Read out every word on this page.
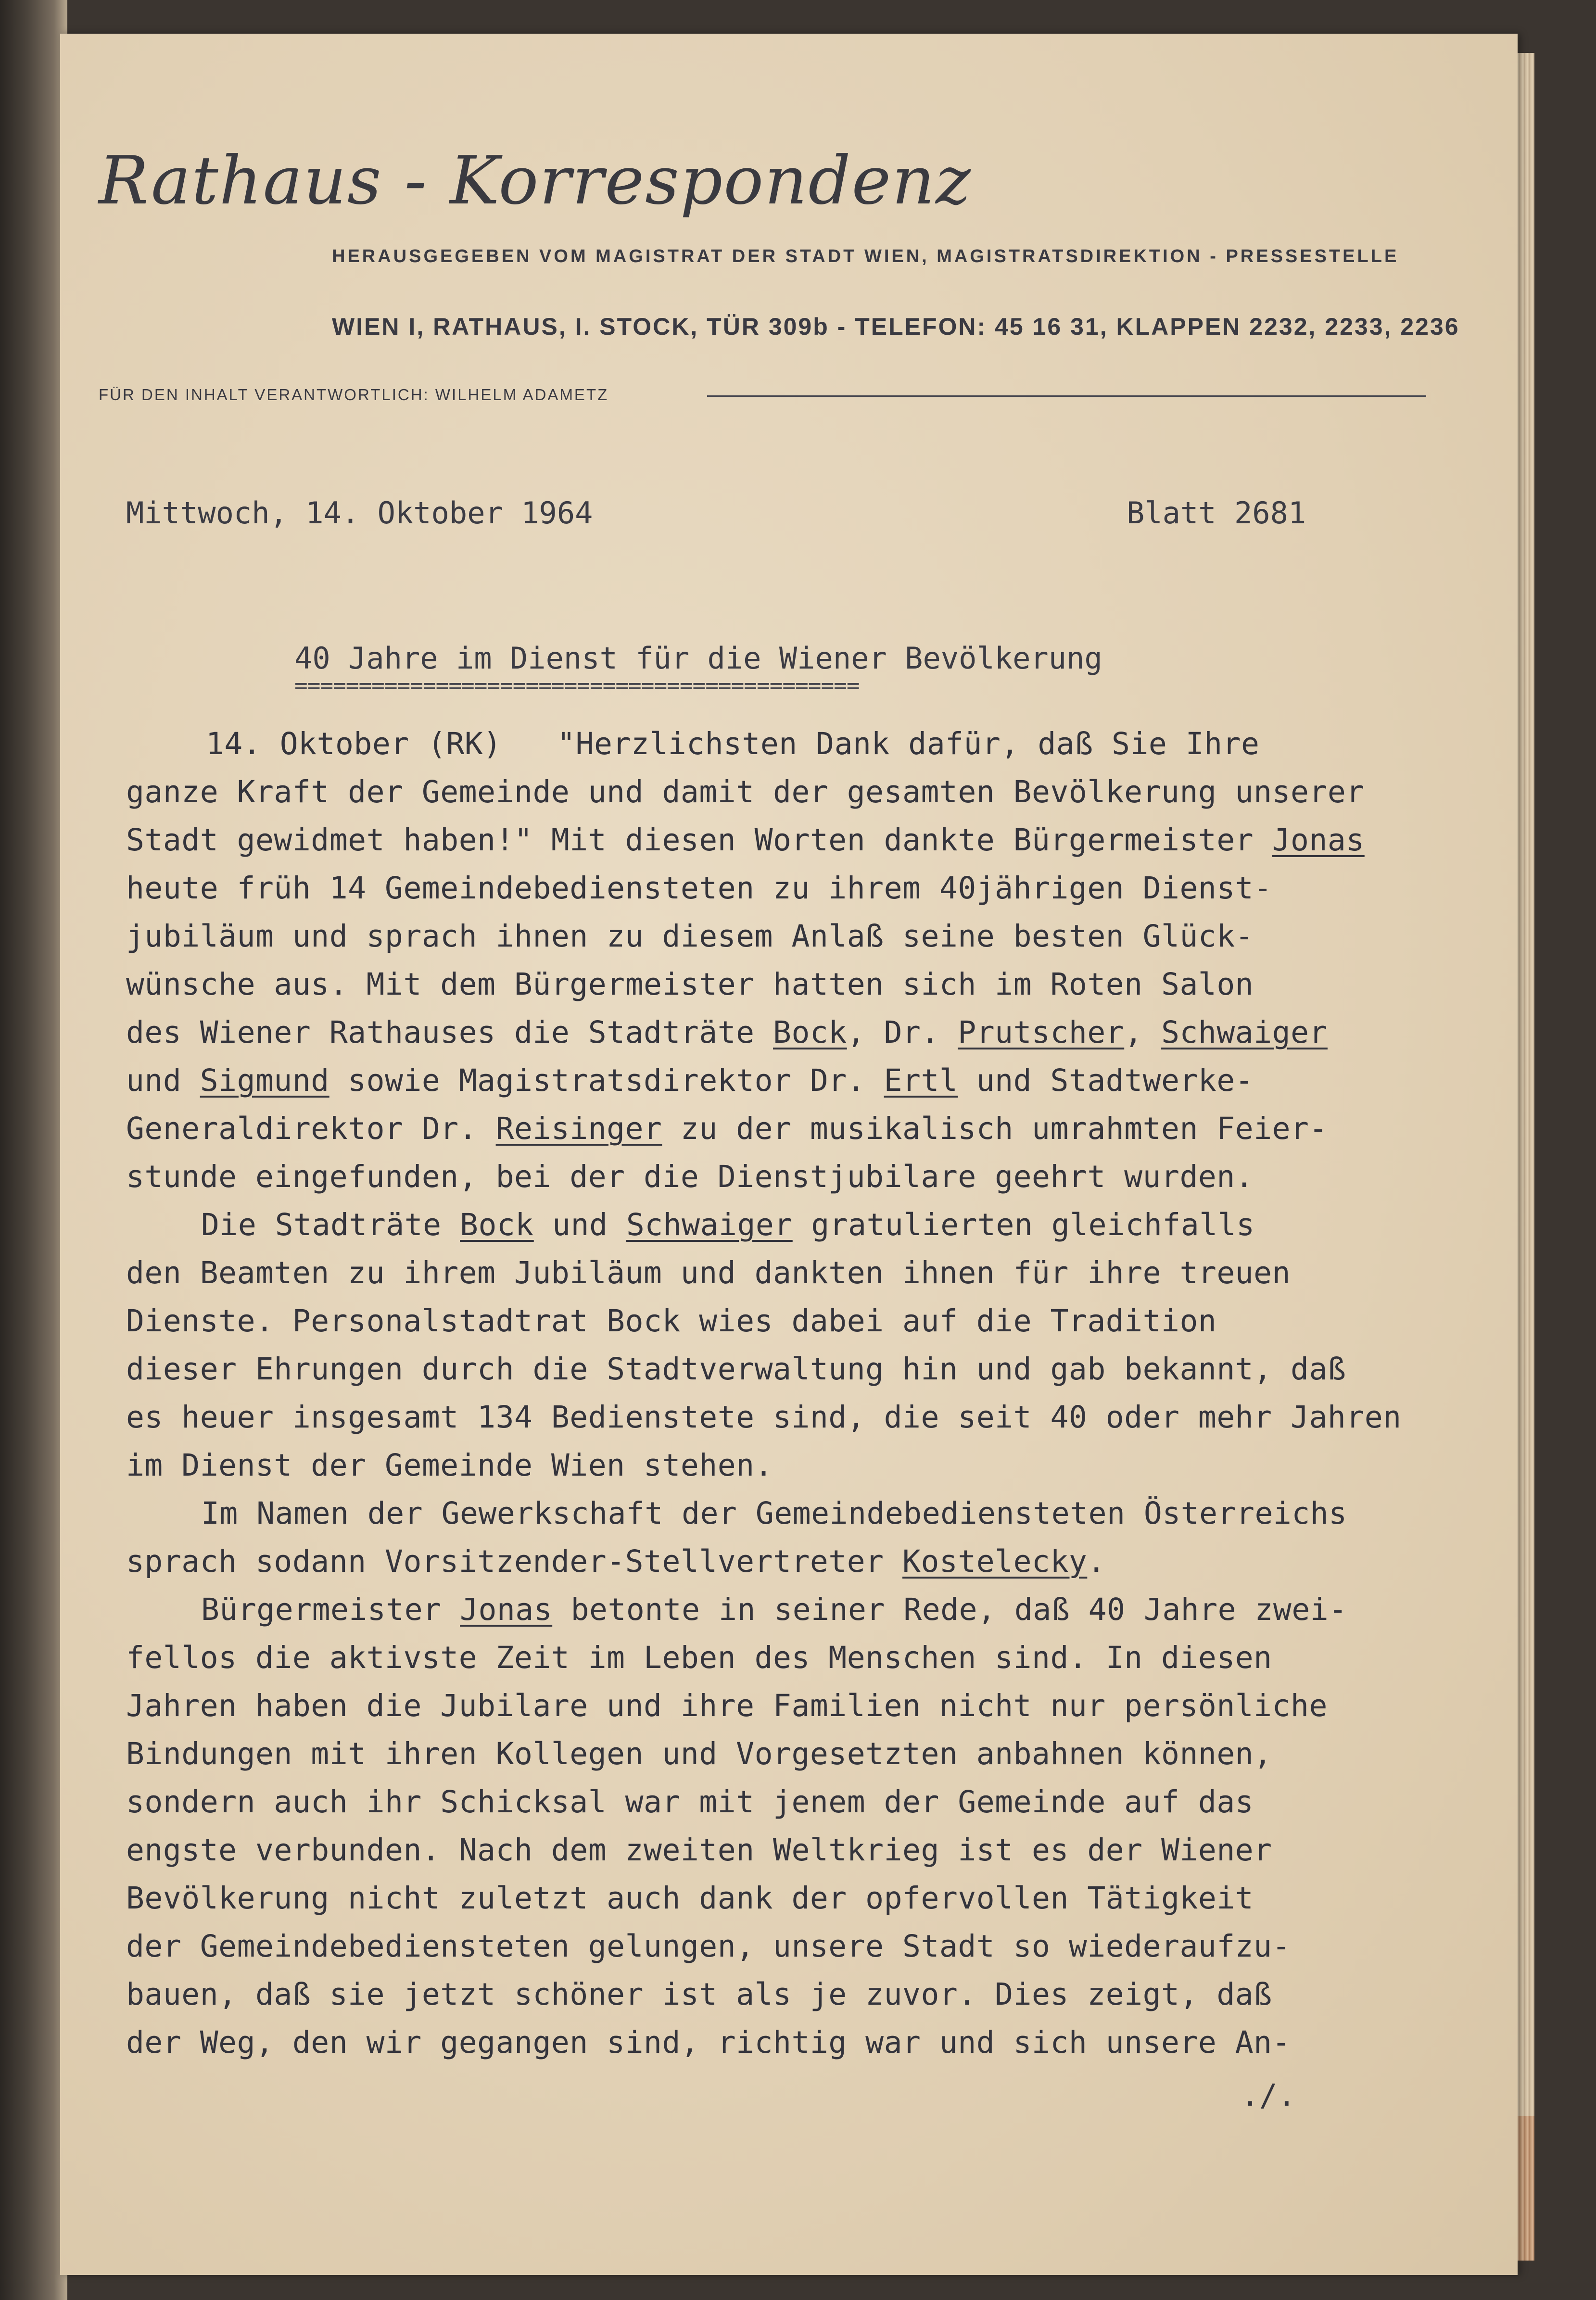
Rathaus - Korrespondenz
HERAUSGEGEBEN VOM MAGISTRAT DER STADT WIEN, MAGISTRATSDIREKTION - PRESSESTELLE
WIEN I, RATHAUS, I. STOCK, TÜR 309b - TELEFON: 45 16 31, KLAPPEN 2232, 2233, 2236
FÜR DEN INHALT VERANTWORTLICH: WILHELM ADAMETZ
Mittwoch, 14. Oktober 1964	Blatt 2681
40 Jahre im Dienst für die Wiener Bevölkerung
============================================
14. Oktober (RK)   "Herzlichsten Dank dafür, daß Sie Ihre
ganze Kraft der Gemeinde und damit der gesamten Bevölkerung unserer
Stadt gewidmet haben!" Mit diesen Worten dankte Bürgermeister Jonas
heute früh 14 Gemeindebediensteten zu ihrem 40jährigen Dienst-
jubiläum und sprach ihnen zu diesem Anlaß seine besten Glück-
wünsche aus. Mit dem Bürgermeister hatten sich im Roten Salon
des Wiener Rathauses die Stadträte Bock, Dr. Prutscher, Schwaiger
und Sigmund sowie Magistratsdirektor Dr. Ertl und Stadtwerke-
Generaldirektor Dr. Reisinger zu der musikalisch umrahmten Feier-
stunde eingefunden, bei der die Dienstjubilare geehrt wurden.
Die Stadträte Bock und Schwaiger gratulierten gleichfalls
den Beamten zu ihrem Jubiläum und dankten ihnen für ihre treuen
Dienste. Personalstadtrat Bock wies dabei auf die Tradition
dieser Ehrungen durch die Stadtverwaltung hin und gab bekannt, daß
es heuer insgesamt 134 Bedienstete sind, die seit 40 oder mehr Jahren
im Dienst der Gemeinde Wien stehen.
Im Namen der Gewerkschaft der Gemeindebediensteten Österreichs
sprach sodann Vorsitzender-Stellvertreter Kostelecky.
Bürgermeister Jonas betonte in seiner Rede, daß 40 Jahre zwei-
fellos die aktivste Zeit im Leben des Menschen sind. In diesen
Jahren haben die Jubilare und ihre Familien nicht nur persönliche
Bindungen mit ihren Kollegen und Vorgesetzten anbahnen können,
sondern auch ihr Schicksal war mit jenem der Gemeinde auf das
engste verbunden. Nach dem zweiten Weltkrieg ist es der Wiener
Bevölkerung nicht zuletzt auch dank der opfervollen Tätigkeit
der Gemeindebediensteten gelungen, unsere Stadt so wiederaufzu-
bauen, daß sie jetzt schöner ist als je zuvor. Dies zeigt, daß
der Weg, den wir gegangen sind, richtig war und sich unsere An-
./.
